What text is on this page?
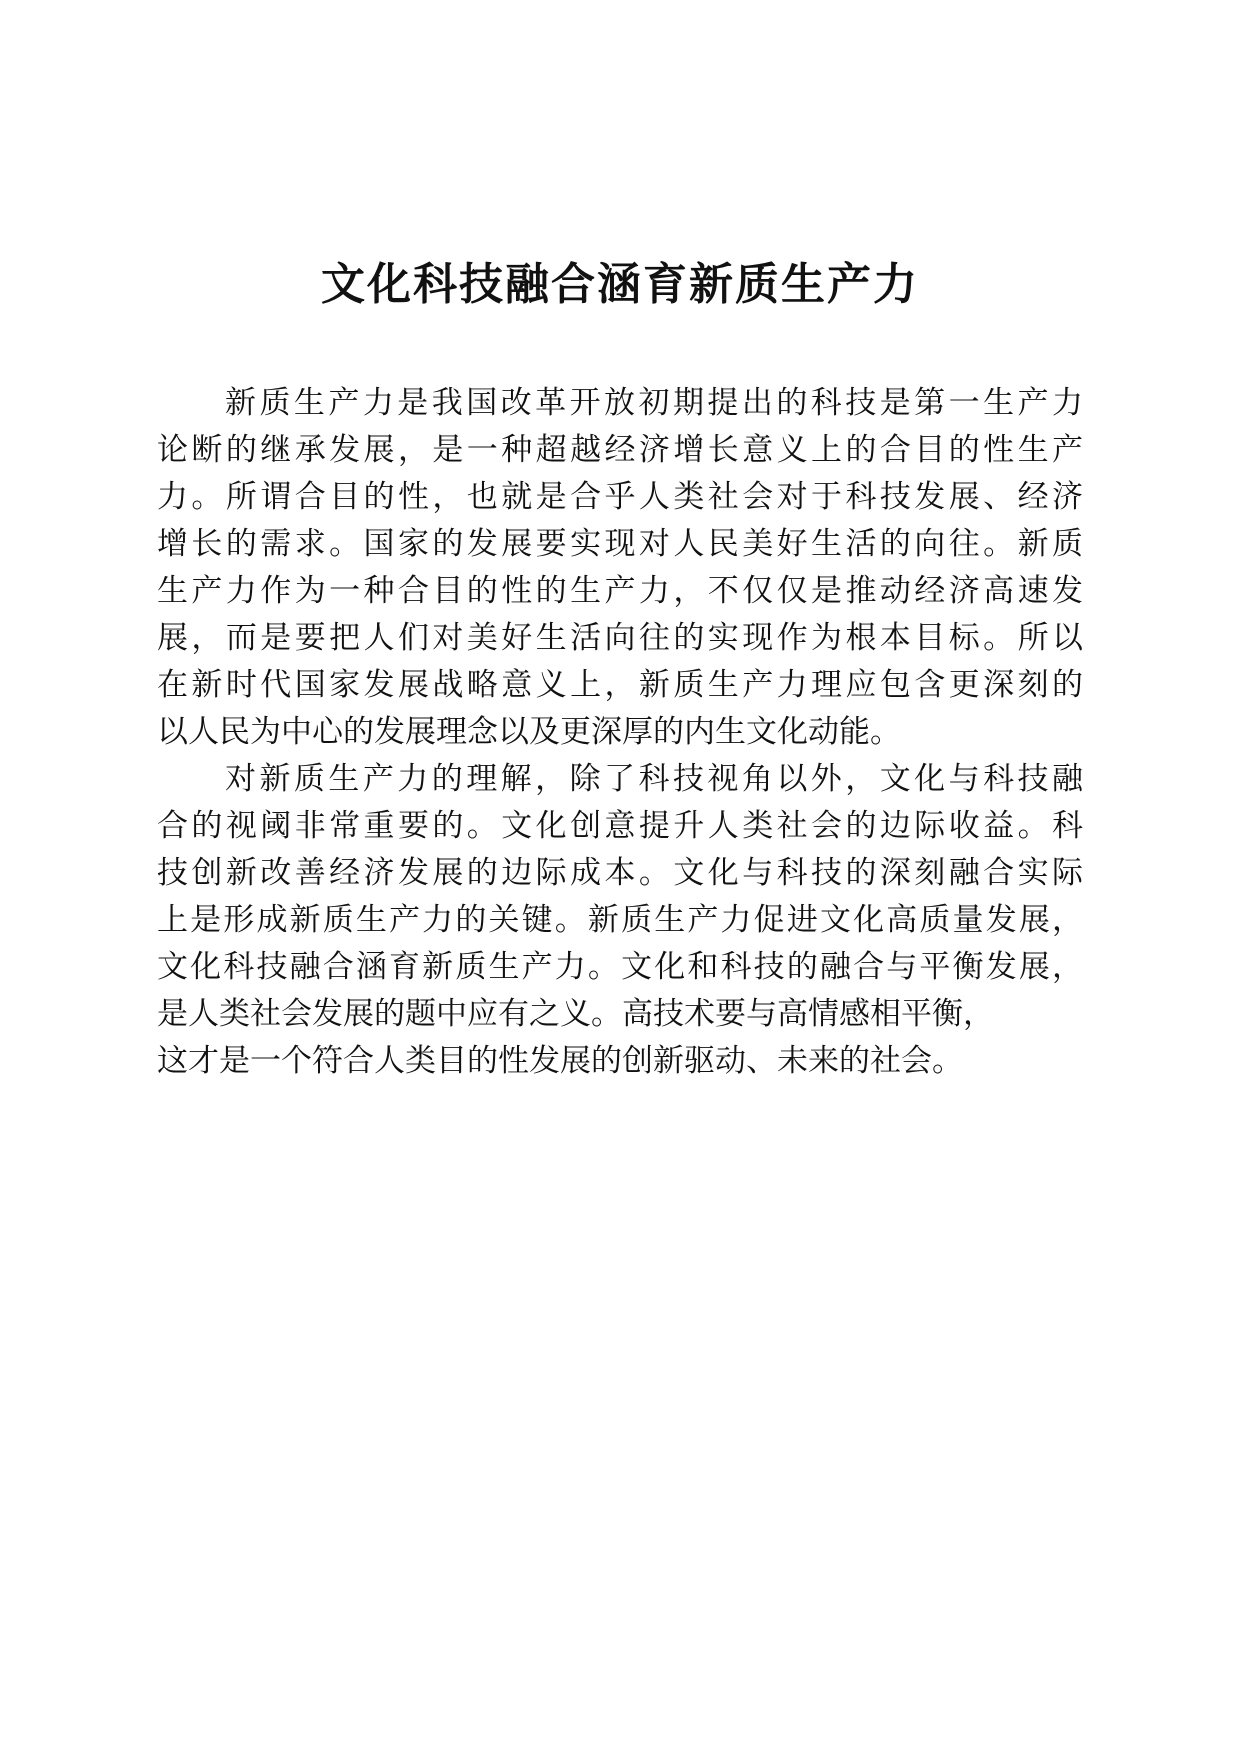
文化科技融合涵育新质生产力
新质生产力是我国改革开放初期提出的科技是第一生产力
论断的继承发展，是一种超越经济增长意义上的合目的性生产
力。所谓合目的性，也就是合乎人类社会对于科技发展、经济
增长的需求。国家的发展要实现对人民美好生活的向往。新质
生产力作为一种合目的性的生产力，不仅仅是推动经济高速发
展，而是要把人们对美好生活向往的实现作为根本目标。所以
在新时代国家发展战略意义上，新质生产力理应包含更深刻的
以人民为中心的发展理念以及更深厚的内生文化动能。
对新质生产力的理解，除了科技视角以外，文化与科技融
合的视阈非常重要的。文化创意提升人类社会的边际收益。科
技创新改善经济发展的边际成本。文化与科技的深刻融合实际
上是形成新质生产力的关键。新质生产力促进文化高质量发展，
文化科技融合涵育新质生产力。文化和科技的融合与平衡发展，
是人类社会发展的题中应有之义。高技术要与高情感相平衡，
这才是一个符合人类目的性发展的创新驱动、未来的社会。
